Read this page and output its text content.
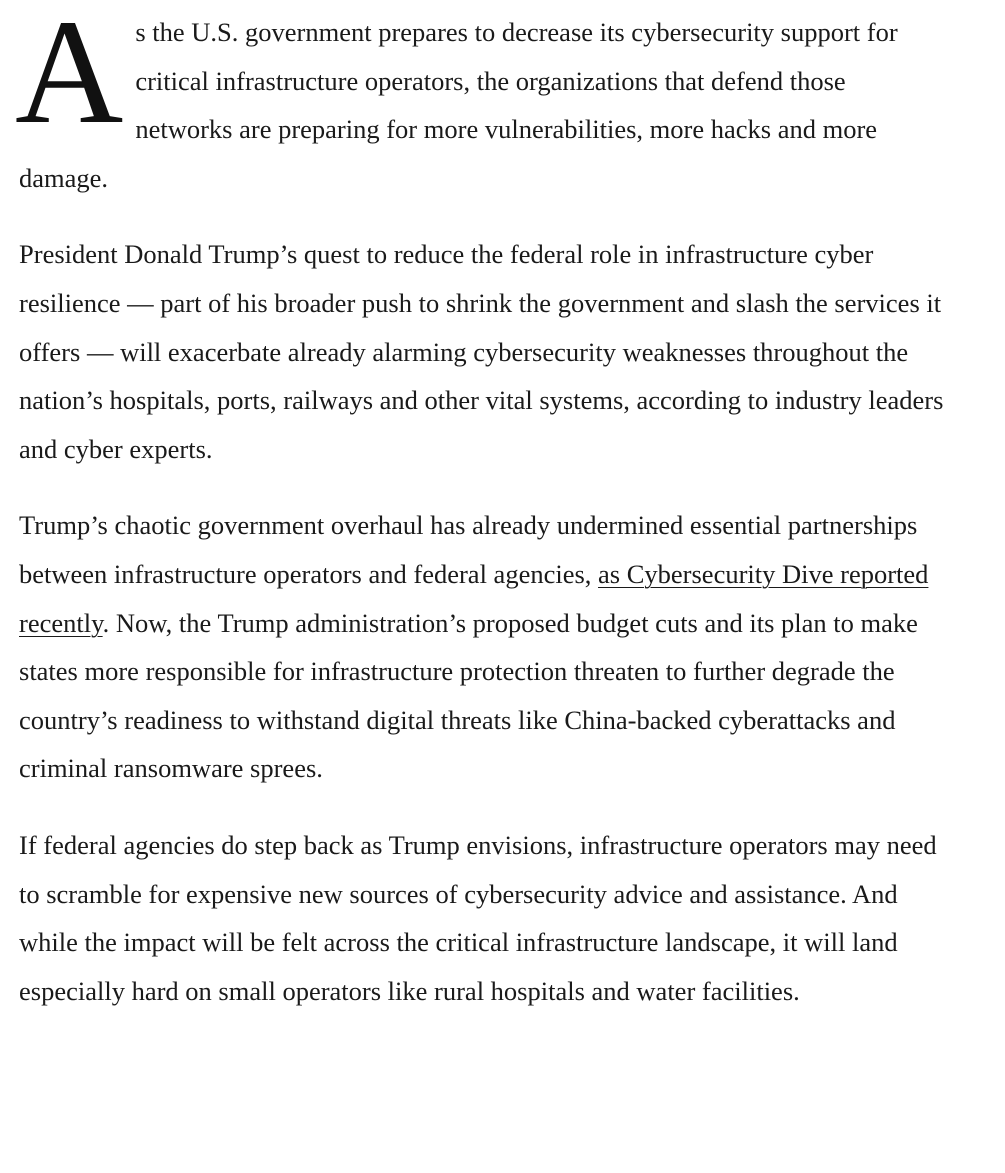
As the U.S. government prepares to decrease its cybersecurity support for critical infrastructure operators, the organizations that defend those networks are preparing for more vulnerabilities, more hacks and more damage.

President Donald Trump’s quest to reduce the federal role in infrastructure cyber resilience — part of his broader push to shrink the government and slash the services it offers — will exacerbate already alarming cybersecurity weaknesses throughout the nation’s hospitals, ports, railways and other vital systems, according to industry leaders and cyber experts.

Trump’s chaotic government overhaul has already undermined essential partnerships between infrastructure operators and federal agencies, as Cybersecurity Dive reported recently. Now, the Trump administration’s proposed budget cuts and its plan to make states more responsible for infrastructure protection threaten to further degrade the country’s readiness to withstand digital threats like China-backed cyberattacks and criminal ransomware sprees.

If federal agencies do step back as Trump envisions, infrastructure operators may need to scramble for expensive new sources of cybersecurity advice and assistance. And while the impact will be felt across the critical infrastructure landscape, it will land especially hard on small operators like rural hospitals and water facilities.
